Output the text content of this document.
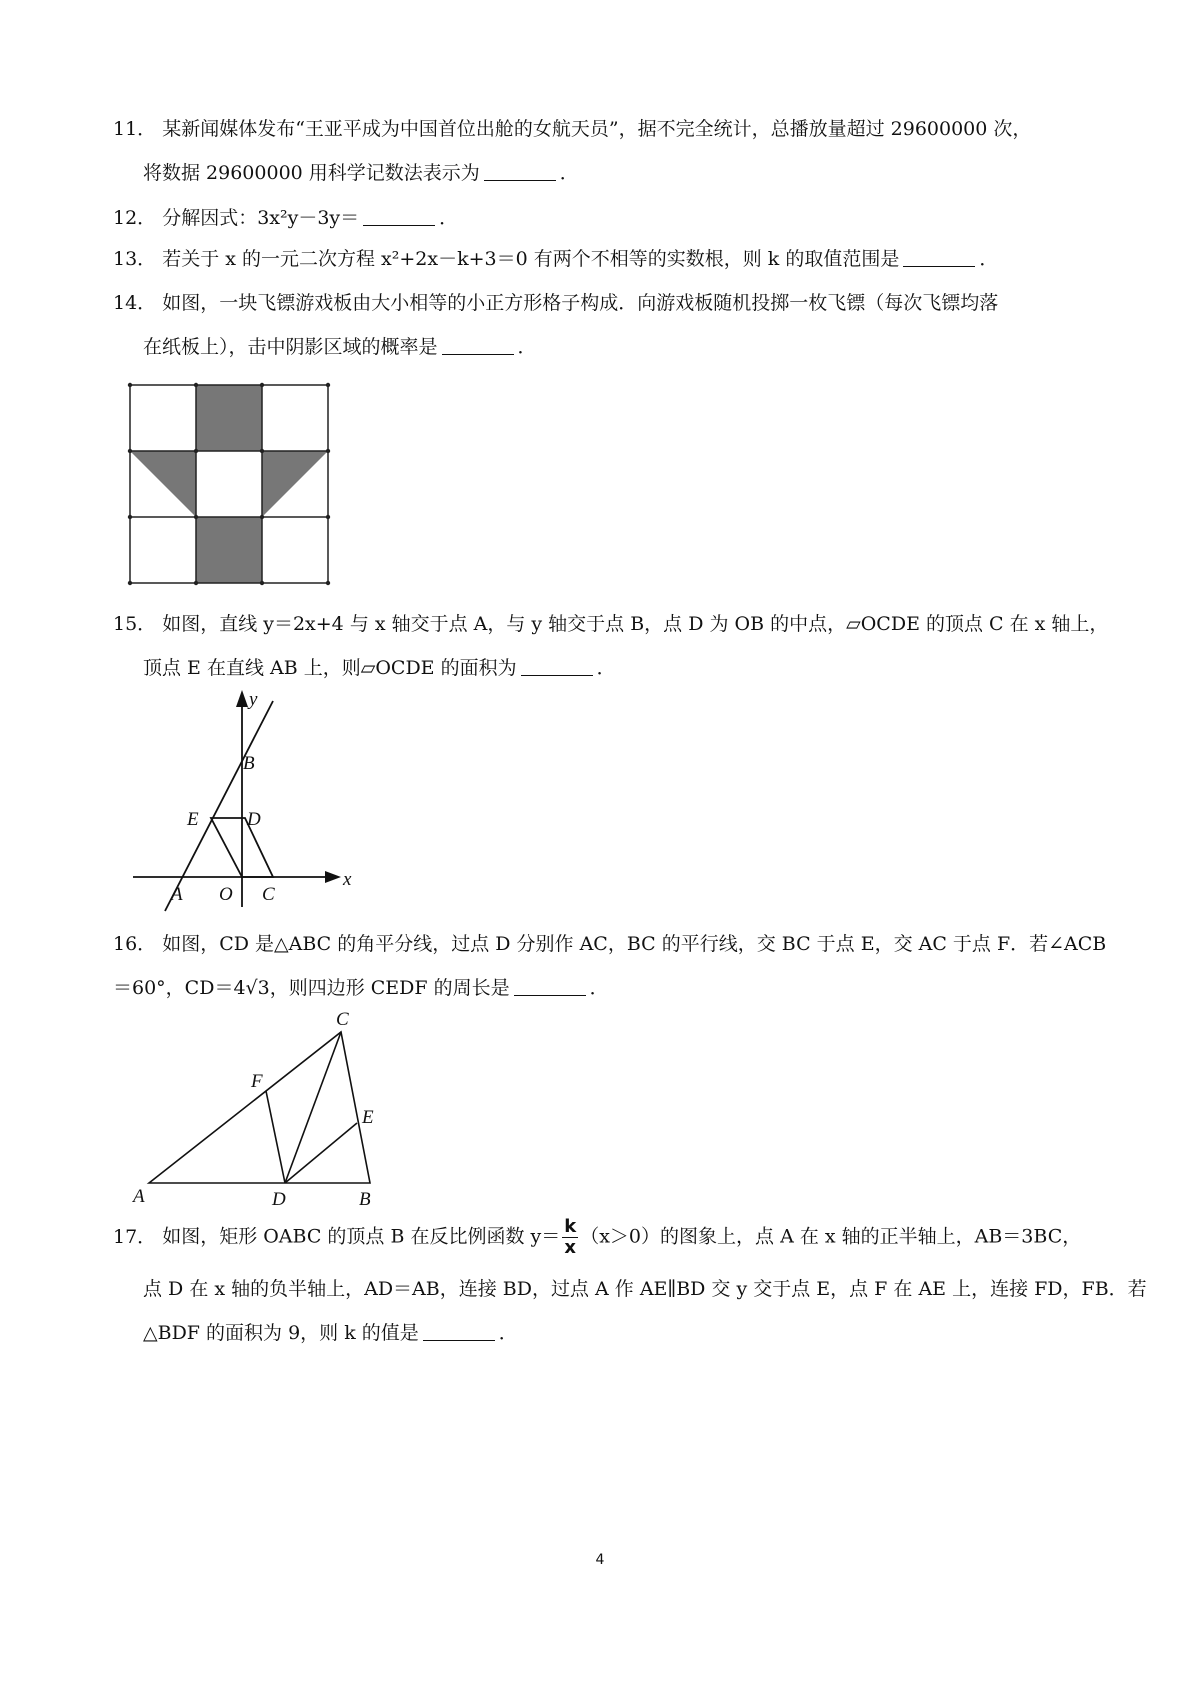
11． 某新闻媒体发布“王亚平成为中国首位出舱的女航天员”，据不完全统计，总播放量超过 29600000 次，
将数据 29600000 用科学记数法表示为	．
12． 分解因式：3x²y－3y＝	．
13． 若关于 x 的一元二次方程 x²+2x－k+3＝0 有两个不相等的实数根，则 k 的取值范围是	．
14． 如图，一块飞镖游戏板由大小相等的小正方形格子构成．向游戏板随机投掷一枚飞镖（每次飞镖均落
在纸板上），击中阴影区域的概率是	．
15． 如图，直线 y＝2x+4 与 x 轴交于点 A，与 y 轴交于点 B，点 D 为 OB 的中点，▱OCDE 的顶点 C 在 x 轴上，
顶点 E 在直线 AB 上，则▱OCDE 的面积为	．
y
x
B
E	D
A O C
16． 如图，CD 是△ABC 的角平分线，过点 D 分别作 AC，BC 的平行线，交 BC 于点 E，交 AC 于点 F．若∠ACB
＝60°，CD＝4√3，则四边形 CEDF 的周长是	．
C
F
E
A	D	B
17． 如图，矩形 OABC 的顶点 B 在反比例函数 $y= \frac{k}{x} (x>0)$的图象上，点 A 在 x 轴的正半轴上，AB＝3BC，
点 D 在 x 轴的负半轴上，AD＝AB，连接 BD，过点 A 作 AE∥BD 交 y 交于点 E，点 F 在 AE 上，连接 FD，FB．若
△BDF 的面积为 9，则 k 的值是	．
4
